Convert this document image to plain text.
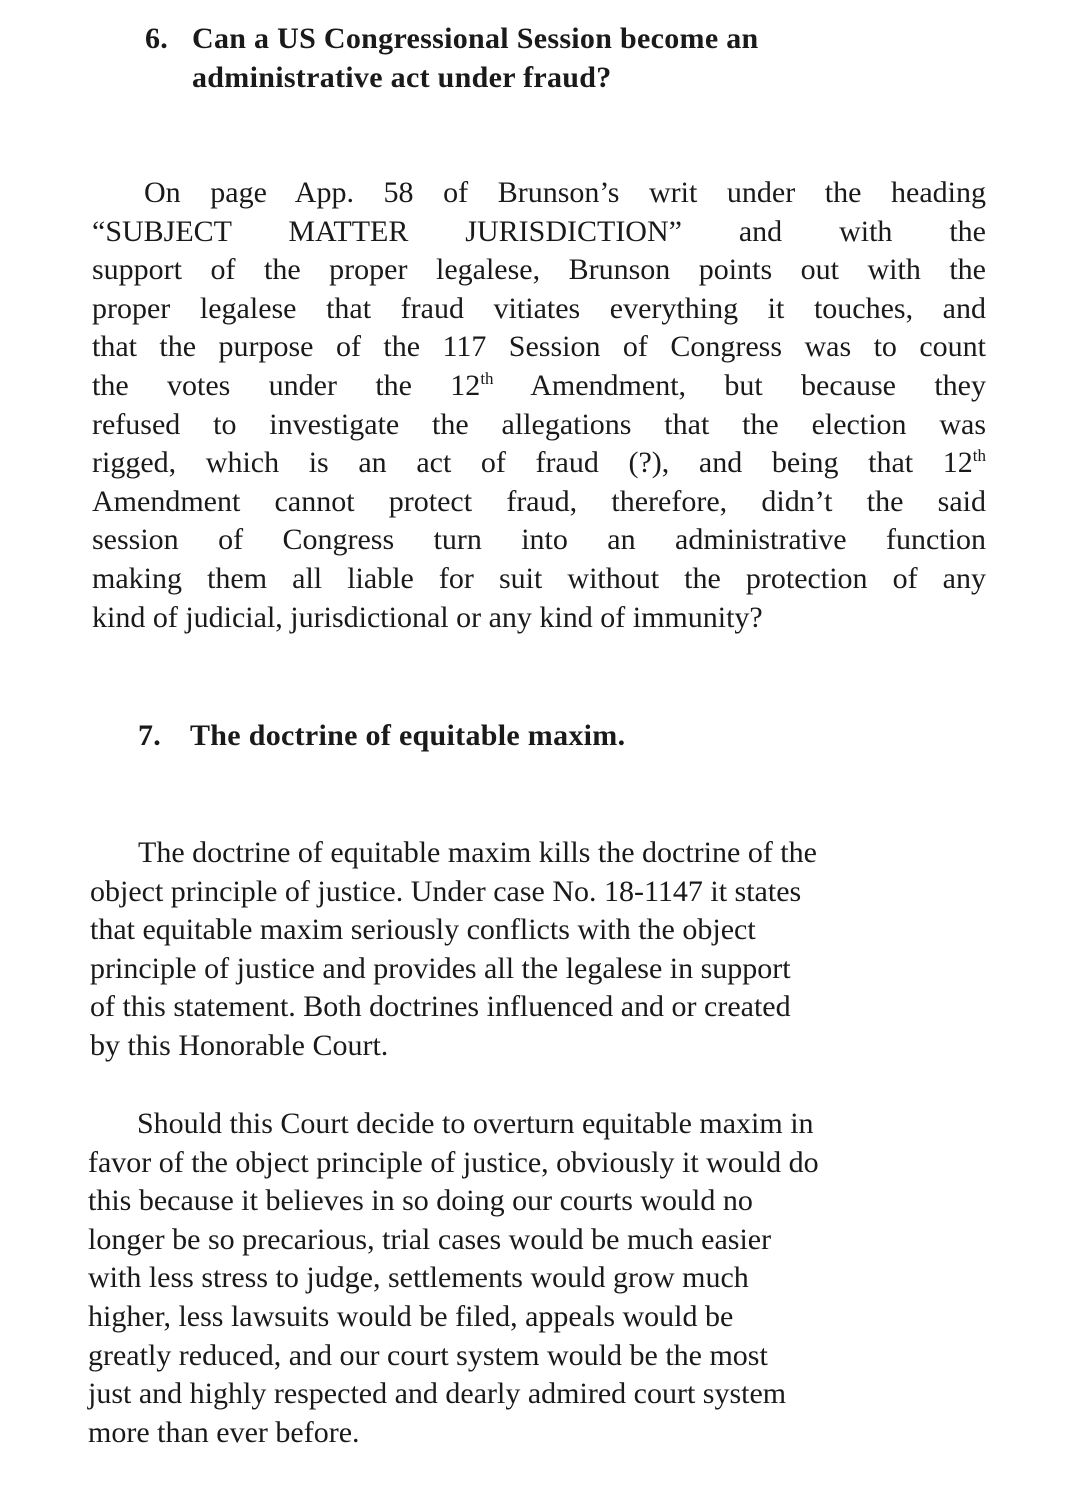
6. Can a US Congressional Session become an
administrative act under fraud?

On page App. 58 of Brunson’s writ under the heading
“SUBJECT MATTER JURISDICTION” and with the
support of the proper legalese, Brunson points out with the
proper legalese that fraud vitiates everything it touches, and
that the purpose of the 117 Session of Congress was to count
the votes under the 12th Amendment, but because they
refused to investigate the allegations that the election was
rigged, which is an act of fraud (?), and being that 12th
Amendment cannot protect fraud, therefore, didn’t the said
session of Congress turn into an administrative function
making them all liable for suit without the protection of any
kind of judicial, jurisdictional or any kind of immunity?

7. The doctrine of equitable maxim.

The doctrine of equitable maxim kills the doctrine of the
object principle of justice. Under case No. 18-1147 it states
that equitable maxim seriously conflicts with the object
principle of justice and provides all the legalese in support
of this statement. Both doctrines influenced and or created
by this Honorable Court.

Should this Court decide to overturn equitable maxim in
favor of the object principle of justice, obviously it would do
this because it believes in so doing our courts would no
longer be so precarious, trial cases would be much easier
with less stress to judge, settlements would grow much
higher, less lawsuits would be filed, appeals would be
greatly reduced, and our court system would be the most
just and highly respected and dearly admired court system
more than ever before.
